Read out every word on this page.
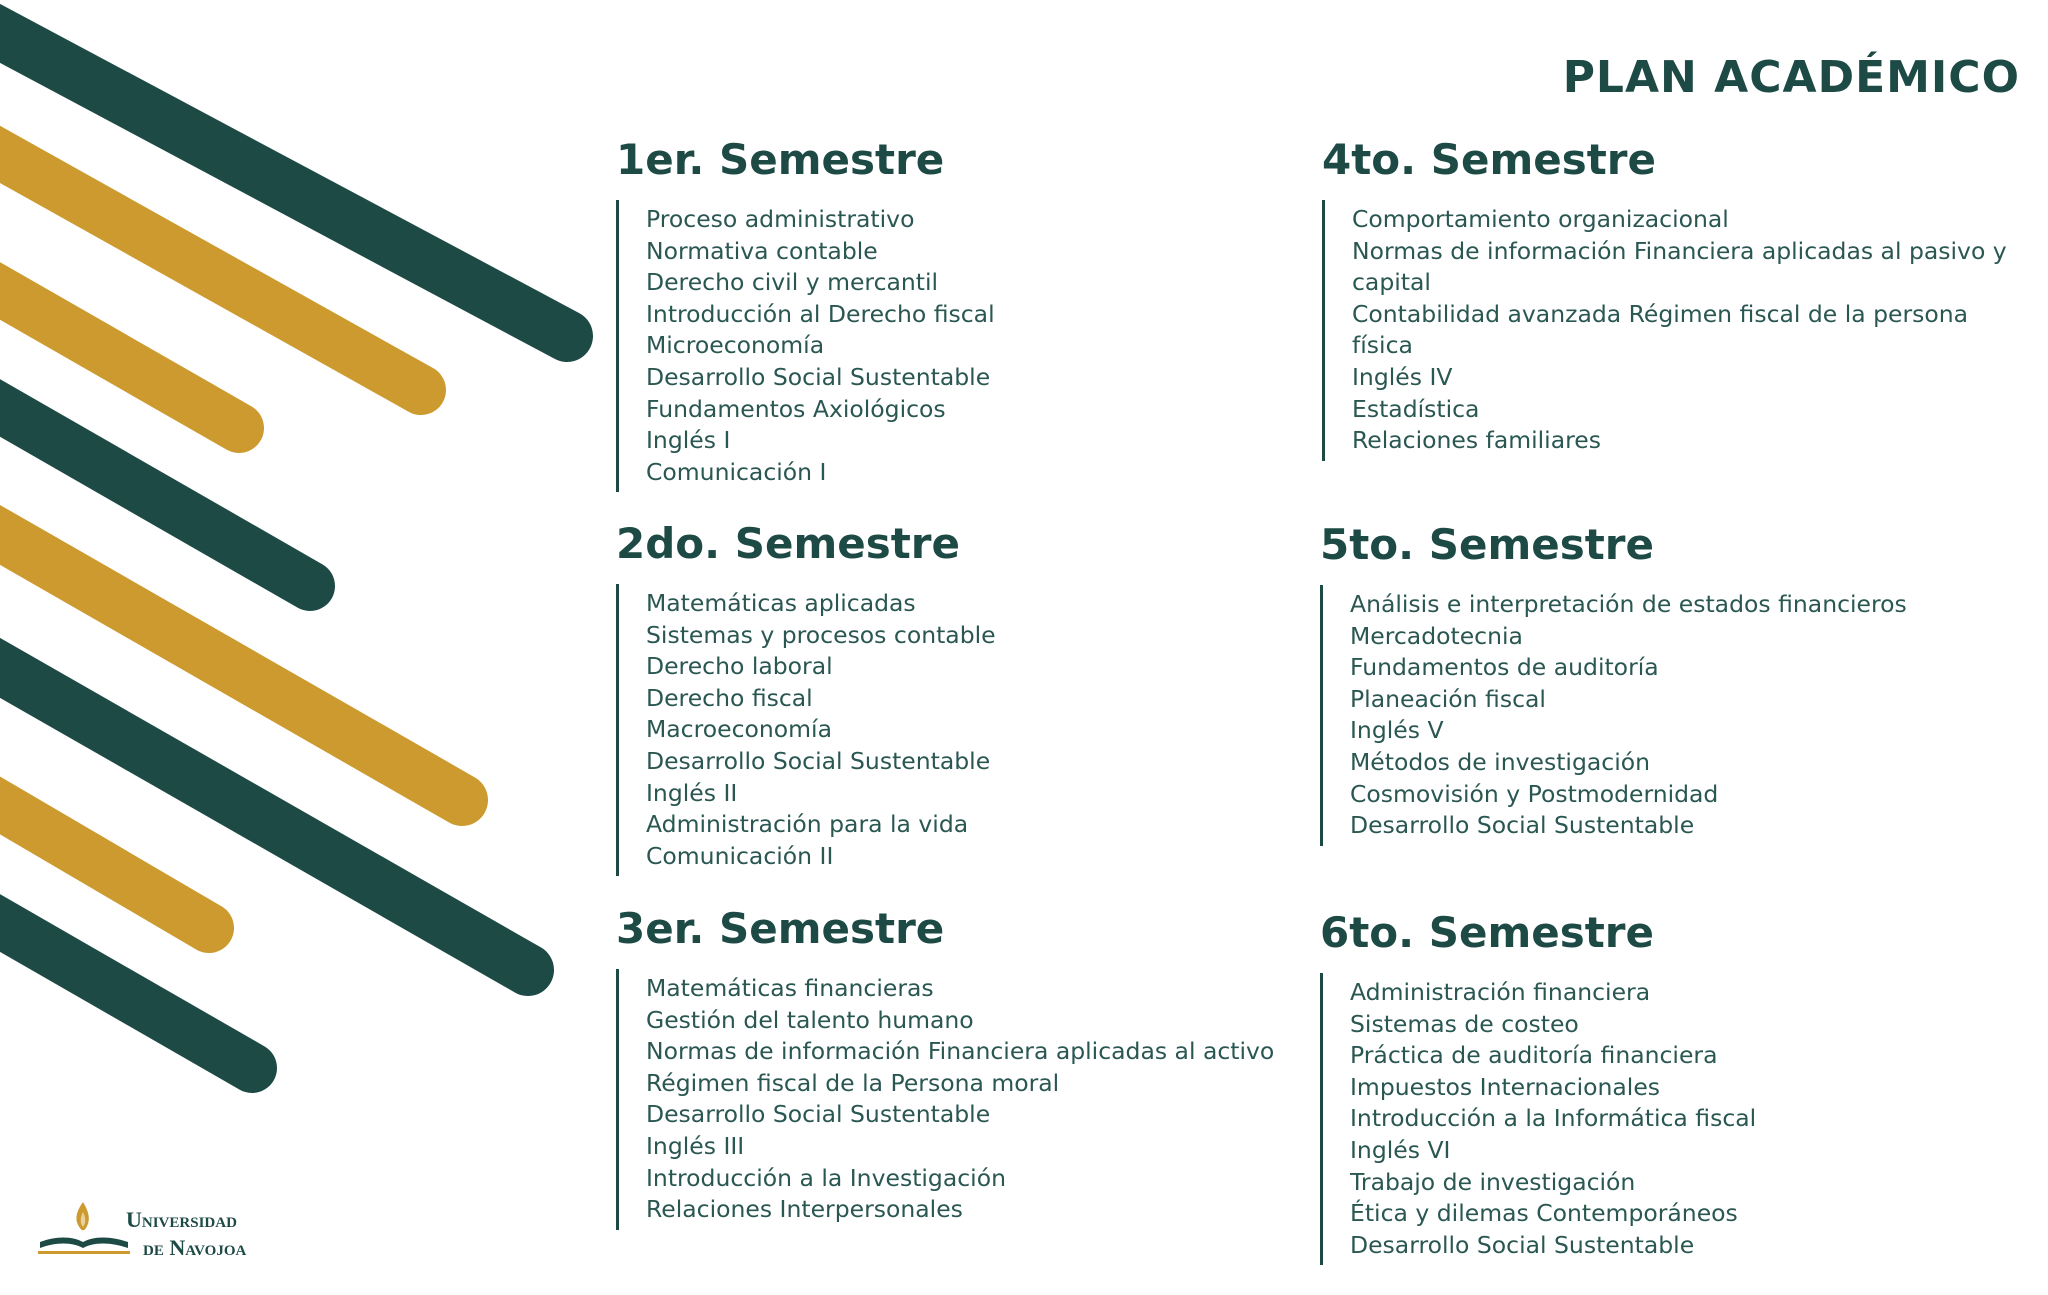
PLAN ACADÉMICO
1er. Semestre
Proceso administrativo
Normativa contable
Derecho civil y mercantil
Introducción al Derecho fiscal
Microeconomía
Desarrollo Social Sustentable
Fundamentos Axiológicos
Inglés I
Comunicación I
2do. Semestre
Matemáticas aplicadas
Sistemas y procesos contable
Derecho laboral
Derecho fiscal
Macroeconomía
Desarrollo Social Sustentable
Inglés II
Administración para la vida
Comunicación II
3er. Semestre
Matemáticas financieras
Gestión del talento humano
Normas de información Financiera aplicadas al activo
Régimen fiscal de la Persona moral
Desarrollo Social Sustentable
Inglés III
Introducción a la Investigación
Relaciones Interpersonales
4to. Semestre
Comportamiento organizacional
Normas de información Financiera aplicadas al pasivo y capital
Contabilidad avanzada Régimen fiscal de la persona física
Inglés IV
Estadística
Relaciones familiares
5to. Semestre
Análisis e interpretación de estados financieros
Mercadotecnia
Fundamentos de auditoría
Planeación fiscal
Inglés V
Métodos de investigación
Cosmovisión y Postmodernidad
Desarrollo Social Sustentable
6to. Semestre
Administración financiera
Sistemas de costeo
Práctica de auditoría financiera
Impuestos Internacionales
Introducción a la Informática fiscal
Inglés VI
Trabajo de investigación
Ética y dilemas Contemporáneos
Desarrollo Social Sustentable
Universidad
de Navojoa
